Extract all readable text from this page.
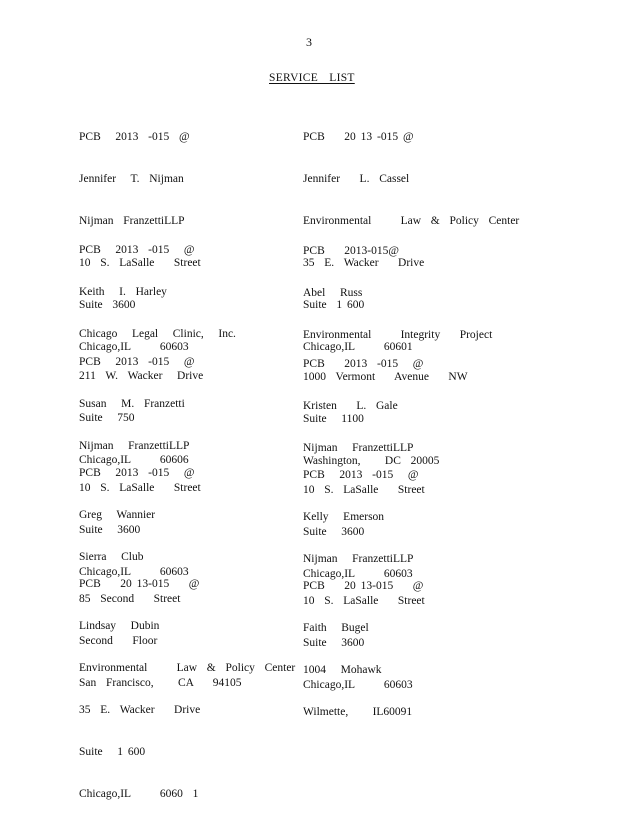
3
SERVICE LIST

PCB   2013  -015  @

Jennifer   T.  Nijman

Nijman  FranzettiLLP

10  S.  LaSalle    Street

Suite  3600

Chicago,IL      60603

PCB    20 13 -015 @

Jennifer    L.  Cassel

Environmental      Law  &  Policy  Center

35  E.  Wacker    Drive

Suite  1 600

Chicago,IL      60601

PCB   2013  -015   @

Keith   I.  Harley

Chicago   Legal   Clinic,   Inc.

211  W.  Wacker   Drive

Suite   750

Chicago,IL      60606

PCB    2013-015@

Abel   Russ

Environmental      Integrity    Project

1000  Vermont    Avenue    NW

Suite   1100

Washington,     DC  20005

PCB   2013  -015   @

Susan   M.  Franzetti

Nijman   FranzettiLLP

10  S.  LaSalle    Street

Suite   3600

Chicago,IL      60603

PCB    2013  -015   @

Kristen    L.  Gale

Nijman   FranzettiLLP

10  S.  LaSalle    Street

Suite   3600

Chicago,IL      60603

PCB   2013  -015   @

Greg   Wannier

Sierra   Club

85  Second    Street

Second    Floor

San  Francisco,     CA    94105

PCB   2013  -015   @

Kelly   Emerson

Nijman   FranzettiLLP

10  S.  LaSalle    Street

Suite   3600

Chicago,IL      60603

PCB    20 13-015    @

Lindsay   Dubin

Environmental      Law  &  Policy  Center

35  E.  Wacker    Drive

Suite   1 600

Chicago,IL      6060  1

PCB    20 13-015    @

Faith   Bugel

1004   Mohawk

Wilmette,     IL60091
